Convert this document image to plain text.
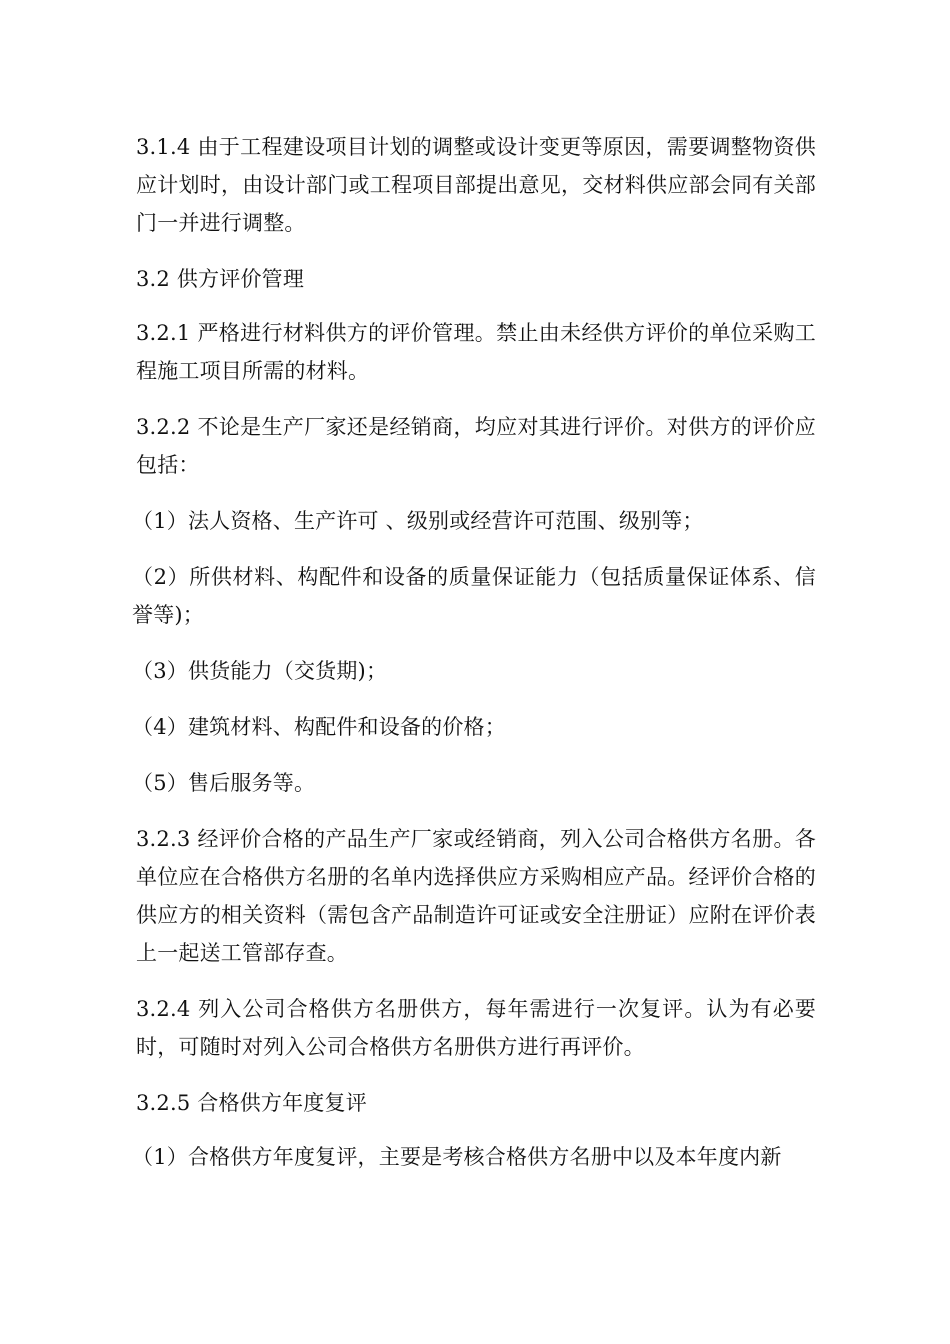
3.1.4 由于工程建设项目计划的调整或设计变更等原因，需要调整物资供应计划时，由设计部门或工程项目部提出意见，交材料供应部会同有关部门一并进行调整。

3.2 供方评价管理

3.2.1 严格进行材料供方的评价管理。禁止由未经供方评价的单位采购工程施工项目所需的材料。

3.2.2 不论是生产厂家还是经销商，均应对其进行评价。对供方的评价应包括：

（1）法人资格、生产许可 、级别或经营许可范围、级别等；

（2）所供材料、构配件和设备的质量保证能力（包括质量保证体系、信誉等)；

（3）供货能力（交货期)；

（4）建筑材料、构配件和设备的价格；

（5）售后服务等。

3.2.3 经评价合格的产品生产厂家或经销商，列入公司合格供方名册。各单位应在合格供方名册的名单内选择供应方采购相应产品。经评价合格的供应方的相关资料（需包含产品制造许可证或安全注册证）应附在评价表上一起送工管部存查。

3.2.4 列入公司合格供方名册供方，每年需进行一次复评。认为有必要时，可随时对列入公司合格供方名册供方进行再评价。

3.2.5 合格供方年度复评

（1）合格供方年度复评，主要是考核合格供方名册中以及本年度内新
